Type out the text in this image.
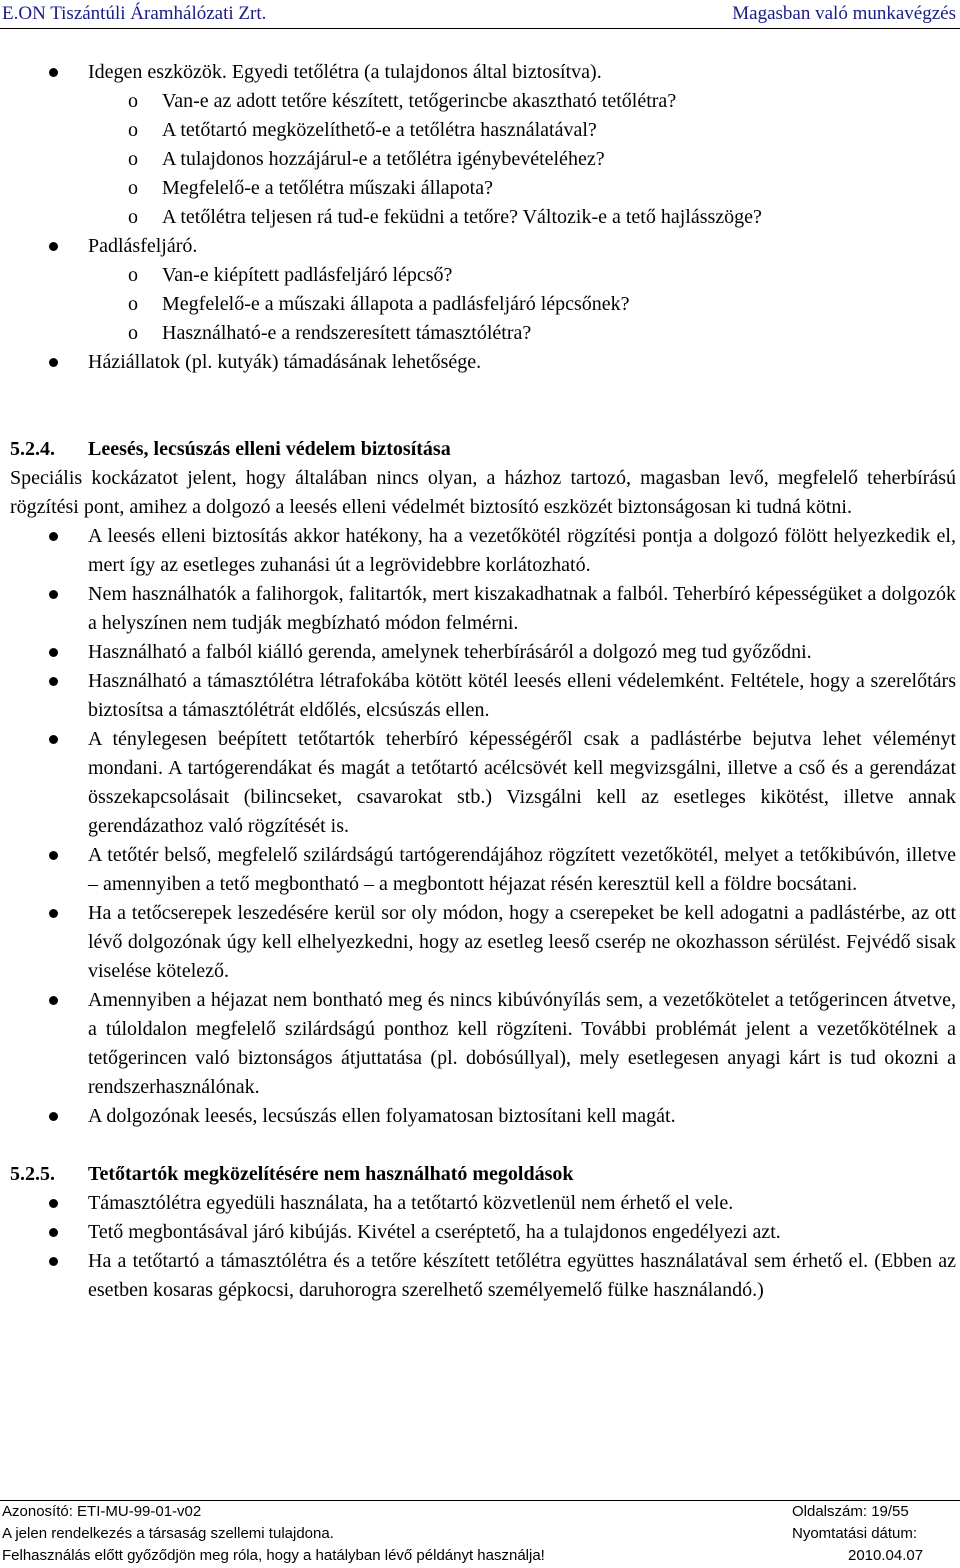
E.ON Tiszántúli Áramhálózati Zrt.	Magasban való munkavégzés
Idegen eszközök. Egyedi tetőlétra (a tulajdonos által biztosítva).
o Van-e az adott tetőre készített, tetőgerincbe akasztható tetőlétra?
o A tetőtartó megközelíthető-e a tetőlétra használatával?
o A tulajdonos hozzájárul-e a tetőlétra igénybevételéhez?
o Megfelelő-e a tetőlétra műszaki állapota?
o A tetőlétra teljesen rá tud-e feküdni a tetőre? Változik-e a tető hajlásszöge?
Padlásfeljáró.
o Van-e kiépített padlásfeljáró lépcső?
o Megfelelő-e a műszaki állapota a padlásfeljáró lépcsőnek?
o Használható-e a rendszeresített támasztólétra?
Háziállatok (pl. kutyák) támadásának lehetősége.
5.2.4. Leesés, lecsúszás elleni védelem biztosítása

Speciális kockázatot jelent, hogy általában nincs olyan, a házhoz tartozó, magasban levő, megfelelő teherbírású rögzítési pont, amihez a dolgozó a leesés elleni védelmét biztosító eszközét biztonságosan ki tudná kötni.

A leesés elleni biztosítás akkor hatékony, ha a vezetőkötél rögzítési pontja a dolgozó fölött helyezkedik el, mert így az esetleges zuhanási út a legrövidebbre korlátozható.
Nem használhatók a falihorgok, falitartók, mert kiszakadhatnak a falból. Teherbíró képességüket a dolgozók a helyszínen nem tudják megbízható módon felmérni.
Használható a falból kiálló gerenda, amelynek teherbírásáról a dolgozó meg tud győződni.
Használható a támasztólétra létrafokába kötött kötél leesés elleni védelemként. Feltétele, hogy a szerelőtárs biztosítsa a támasztólétrát eldőlés, elcsúszás ellen.
A ténylegesen beépített tetőtartók teherbíró képességéről csak a padlástérbe bejutva lehet véleményt mondani. A tartógerendákat és magát a tetőtartó acélcsövét kell megvizsgálni, illetve a cső és a gerendázat összekapcsolásait (bilincseket, csavarokat stb.) Vizsgálni kell az esetleges kikötést, illetve annak gerendázathoz való rögzítését is.
A tetőtér belső, megfelelő szilárdságú tartógerendájához rögzített vezetőkötél, melyet a tetőkibúvón, illetve – amennyiben a tető megbontható – a megbontott héjazat résén keresztül kell a földre bocsátani.
Ha a tetőcserepek leszedésére kerül sor oly módon, hogy a cserepeket be kell adogatni a padlástérbe, az ott lévő dolgozónak úgy kell elhelyezkedni, hogy az esetleg leeső cserép ne okozhasson sérülést. Fejvédő sisak viselése kötelező.
Amennyiben a héjazat nem bontható meg és nincs kibúvónyílás sem, a vezetőkötelet a tetőgerincen átvetve, a túloldalon megfelelő szilárdságú ponthoz kell rögzíteni. További problémát jelent a vezetőkötélnek a tetőgerincen való biztonságos átjuttatása (pl. dobósúllyal), mely esetlegesen anyagi kárt is tud okozni a rendszerhasználónak.
A dolgozónak leesés, lecsúszás ellen folyamatosan biztosítani kell magát.
5.2.5. Tetőtartók megközelítésére nem használható megoldások
Támasztólétra egyedüli használata, ha a tetőtartó közvetlenül nem érhető el vele.
Tető megbontásával járó kibújás. Kivétel a cseréptető, ha a tulajdonos engedélyezi azt.
Ha a tetőtartó a támasztólétra és a tetőre készített tetőlétra együttes használatával sem érhető el. (Ebben az esetben kosaras gépkocsi, daruhorogra szerelhető személyemelő fülke használandó.)
Azonosító: ETI-MU-99-01-v02	Oldalszám: 19/55
A jelen rendelkezés a társaság szellemi tulajdona.	Nyomtatási dátum:
Felhasználás előtt győződjön meg róla, hogy a hatályban lévő példányt használja!	2010.04.07
